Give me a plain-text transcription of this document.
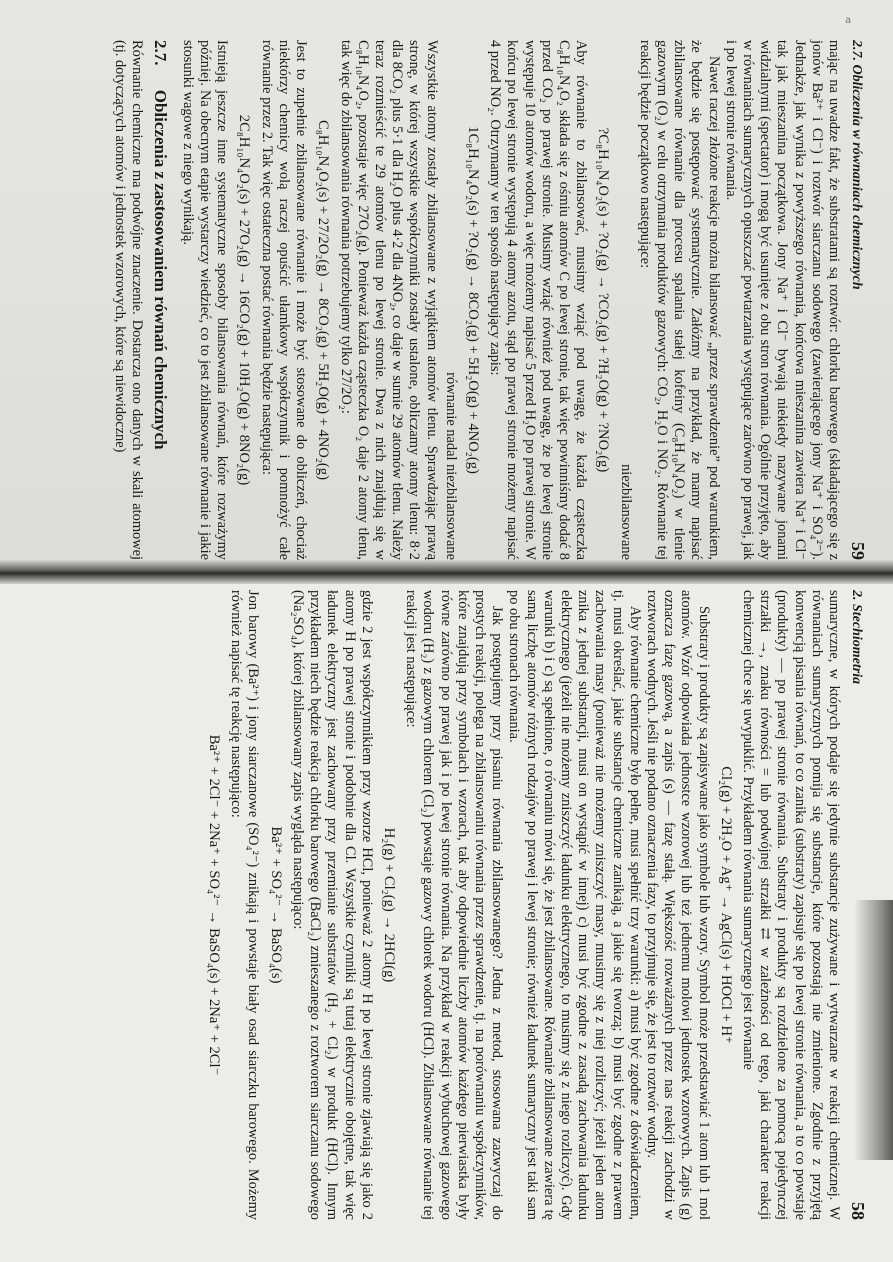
a
2. Stechiometria
58

sumaryczne, w których podaje się jedynie substancje zużywane i wytwarzane w reakcji chemicznej. W równaniach sumarycznych pomija się substancje, które pozostają nie zmienione. Zgodnie z przyjętą konwencją pisania równań, to co zanika (substraty) zapisuje się po lewej stronie równania, a to co powstaje (produkty) — po prawej stronie równania. Substraty i produkty są rozdzielone za pomocą pojedynczej strzałki →, znaku równości = lub podwójnej strzałki ⇄ w zależności od tego, jaki charakter reakcji chemicznej chce się uwypuklić. Przykładem równania sumarycznego jest równanie

Cl₂(g) + 2H₂O + Ag⁺ → AgCl(s) + HOCl + H⁺

Substraty i produkty są zapisywane jako symbole lub wzory. Symbol może przedstawiać 1 atom lub 1 mol atomów. Wzór odpowiada jednostce wzorowej lub też jednemu molowi jednostek wzorowych. Zapis (g) oznacza fazę gazową, a zapis (s) — fazę stałą. Większość rozważanych przez nas reakcji zachodzi w roztworach wodnych. Jeśli nie podano oznaczenia fazy, to przyjmuje się, że jest to roztwór wodny.

Aby równanie chemiczne było pełne, musi spełnić trzy warunki: a) musi być zgodne z doświadczeniem, tj. musi określać, jakie substancje chemiczne zanikają, a jakie się tworzą; b) musi być zgodne z prawem zachowania masy (ponieważ nie możemy zniszczyć masy, musimy się z niej rozliczyć; jeżeli jeden atom znika z jednej substancji, musi on wystąpić w innej) c) musi być zgodne z zasadą zachowania ładunku elektrycznego (jeżeli nie możemy zniszczyć ładunku elektrycznego, to musimy się z niego rozliczyć). Gdy warunki b) i c) są spełnione, o równaniu mówi się, że jest zbilansowane. Równanie zbilansowane zawiera tę samą liczbę atomów różnych rodzajów po prawej i lewej stronie; również ładunek sumaryczny jest taki sam po obu stronach równania.

Jak postępujemy przy pisaniu równania zbilansowanego? Jedna z metod, stosowana zazwyczaj do prostych reakcji, polega na zbilansowaniu równania przez sprawdzenie, tj. na porównaniu współczynników, które znajdują przy symbolach i wzorach, tak aby odpowiednie liczby atomów każdego pierwiastka były równe zarówno po prawej jak i po lewej stronie równania. Na przykład w reakcji wybuchowej gazowego wodoru (H₂) z gazowym chlorem (Cl₂) powstaje gazowy chlorek wodoru (HCl). Zbilansowane równanie tej reakcji jest następujące:

H₂(g) + Cl₂(g) → 2HCl(g)

gdzie 2 jest współczynnikiem przy wzorze HCl, ponieważ 2 atomy H po lewej stronie zjawiają się jako 2 atomy H po prawej stronie i podobnie dla Cl. Wszystkie czynniki są tutaj elektrycznie obojętne, tak więc ładunek elektryczny jest zachowany przy przemianie substratów (H₂ + Cl₂) w produkt (HCl). Innym przykładem niech będzie reakcja chlorku barowego (BaCl₂) zmieszanego z roztworem siarczanu sodowego (Na₂SO₄), której zbilansowany zapis wygląda następująco:

Ba²⁺ + SO₄²⁻ → BaSO₄(s)

Jon barowy (Ba²⁺) i jony siarczanowe (SO₄²⁻) znikają i powstaje biały osad siarczku barowego. Możemy również napisać tę reakcję następująco:

Ba²⁺ + 2Cl⁻ + 2Na⁺ + SO₄²⁻ → BaSO₄(s) + 2Na⁺ + 2Cl⁻
2.7. Obliczenia w równaniach chemicznych
59

mając na uwadze fakt, że substratami są roztwór: chlorku barowego (składającego się z jonów Ba²⁺ i Cl⁻) i roztwór siarczanu sodowego (zawierającego jony Na⁺ i SO₄²⁻). Jednakże, jak wynika z powyższego równania, końcowa mieszanina zawiera Na⁺ i Cl⁻ tak jak mieszanina początkowa. Jony Na⁺ i Cl⁻ bywają niekiedy nazywane jonami widzialnymi (spectator) i mogą być usunięte z obu stron równania. Ogólnie przyjęto, aby w równaniach sumarycznych opuszczać powtarzania występujące zarówno po prawej, jak i po lewej stronie równania.

Nawet raczej złożone reakcje można bilansować „przez sprawdzenie” pod warunkiem, że będzie się postępować systematycznie. Załóżmy na przykład, że mamy napisać zbilansowane równanie dla procesu spalania stałej kofeiny (C₈H₁₀N₄O₂) w tlenie gazowym (O₂) w celu otrzymania produktów gazowych: CO₂, H₂O i NO₂. Równanie tej reakcji będzie początkowo następujące:

niezbilansowane
?C₈H₁₀N₄O₂(s) + ?O₂(g) → ?CO₂(g) + ?H₂O(g) + ?NO₂(g)

Aby równanie to zbilansować, musimy wziąć pod uwagę, że każda cząsteczka C₈H₁₀N₄O₂ składa się z ośmiu atomów C po lewej stronie, tak więc powinniśmy dodać 8 przed CO₂ po prawej stronie. Musimy wziąć również pod uwagę, że po lewej stronie występuje 10 atomów wodoru, a więc możemy napisać 5 przed H₂O po prawej stronie. W końcu po lewej stronie występują 4 atomy azotu, stąd po prawej stronie możemy napisać 4 przed NO₂. Otrzymamy w ten sposób następujący zapis:

1C₈H₁₀N₄O₂(s) + ?O₂(g) → 8CO₂(g) + 5H₂O(g) + 4NO₂(g)
równanie nadal niezbilansowane

Wszystkie atomy zostały zbilansowane z wyjątkiem atomów tlenu. Sprawdzając prawą stronę, w której wszystkie współczynniki zostały ustalone, obliczamy atomy tlenu: 8·2 dla 8CO₂ plus 5·1 dla H₂O plus 4·2 dla 4NO₂, co daje w sumie 29 atomów tlenu. Należy teraz rozmieścić te 29 atomów tlenu po lewej stronie. Dwa z nich znajdują się w C₈H₁₀N₄O₂, pozostaje więc 27O₂(g). Ponieważ każda cząsteczka O₂ daje 2 atomy tlenu, tak więc do zbilansowania równania potrzebujemy tylko 27/2O₂:

C₈H₁₀N₄O₂(s) + 27/2O₂(g) → 8CO₂(g) + 5H₂O(g) + 4NO₂(g)

Jest to zupełnie zbilansowane równanie i może być stosowane do obliczeń, chociaż niektórzy chemicy wolą raczej opuścić ułamkowy współczynnik i pomnożyć całe równanie przez 2. Tak więc ostateczna postać równania będzie następująca:

2C₈H₁₀N₄O₂(s) + 27O₂(g) → 16CO₂(g) + 10H₂O(g) + 8NO₂(g)

Istnieją jeszcze inne systematyczne sposoby bilansowania równań, które rozważymy później. Na obecnym etapie wystarczy wiedzieć, co to jest zbilansowane równanie i jakie stosunki wagowe z niego wynikają.

2.7. Obliczenia z zastosowaniem równań chemicznych

Równanie chemiczne ma podwójne znaczenie. Dostarcza ono danych w skali atomowej (tj. dotyczących atomów i jednostek wzorowych, które są niewidoczne)
